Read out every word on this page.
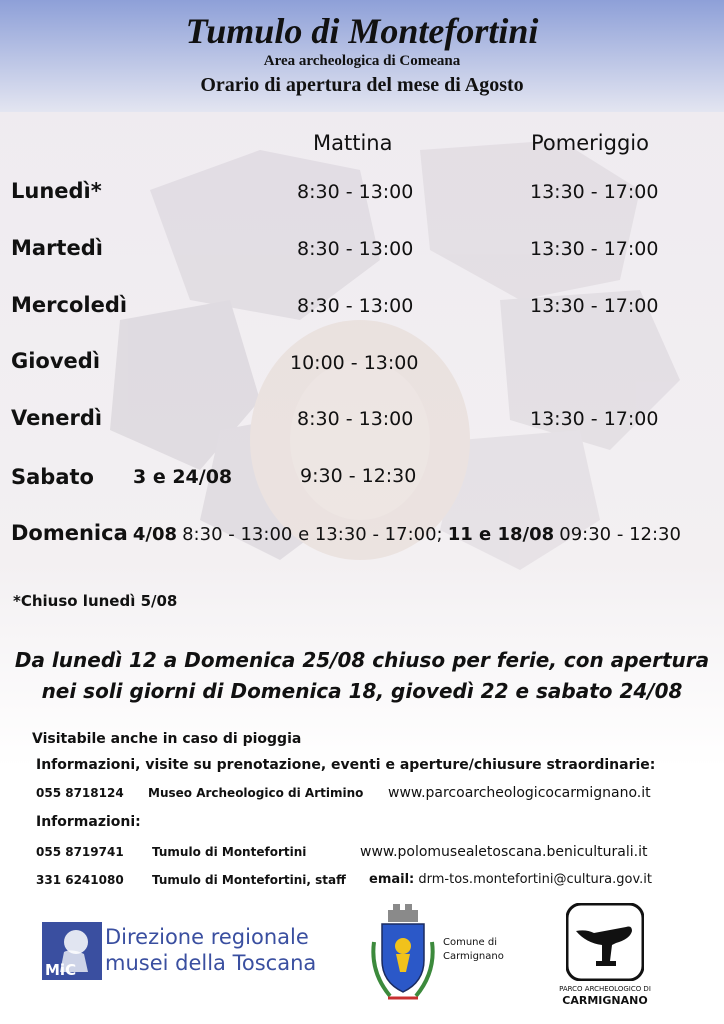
Tumulo di Montefortini
Area archeologica di Comeana
Orario di apertura del mese di Agosto
Mattina	Pomeriggio
Lunedì*	8:30 - 13:00	13:30 - 17:00
Martedì	8:30 - 13:00	13:30 - 17:00
Mercoledì	8:30 - 13:00	13:30 - 17:00
Giovedì	10:00 - 13:00
Venerdì	8:30 - 13:00	13:30 - 17:00
Sabato 3 e 24/08	9:30 - 12:30
Domenica 4/08 8:30 - 13:00 e 13:30 - 17:00; 11 e 18/08 09:30 - 12:30
*Chiuso lunedì 5/08
Da lunedì 12 a Domenica 25/08 chiuso per ferie, con apertura
nei soli giorni di Domenica 18, giovedì 22 e sabato 24/08
Visitabile anche in caso di pioggia
Informazioni, visite su prenotazione, eventi e aperture/chiusure straordinarie:
055 8718124 Museo Archeologico di Artimino www.parcoarcheologicocarmignano.it
Informazioni:
055 8719741 Tumulo di Montefortini	www.polomusealetoscana.beniculturali.it
331 6241080 Tumulo di Montefortini, staff email: drm-tos.montefortini@cultura.gov.it
MiC
Direzione regionale
musei della Toscana
Comune di
Carmignano
PARCO ARCHEOLOGICO DI
CARMIGNANO
